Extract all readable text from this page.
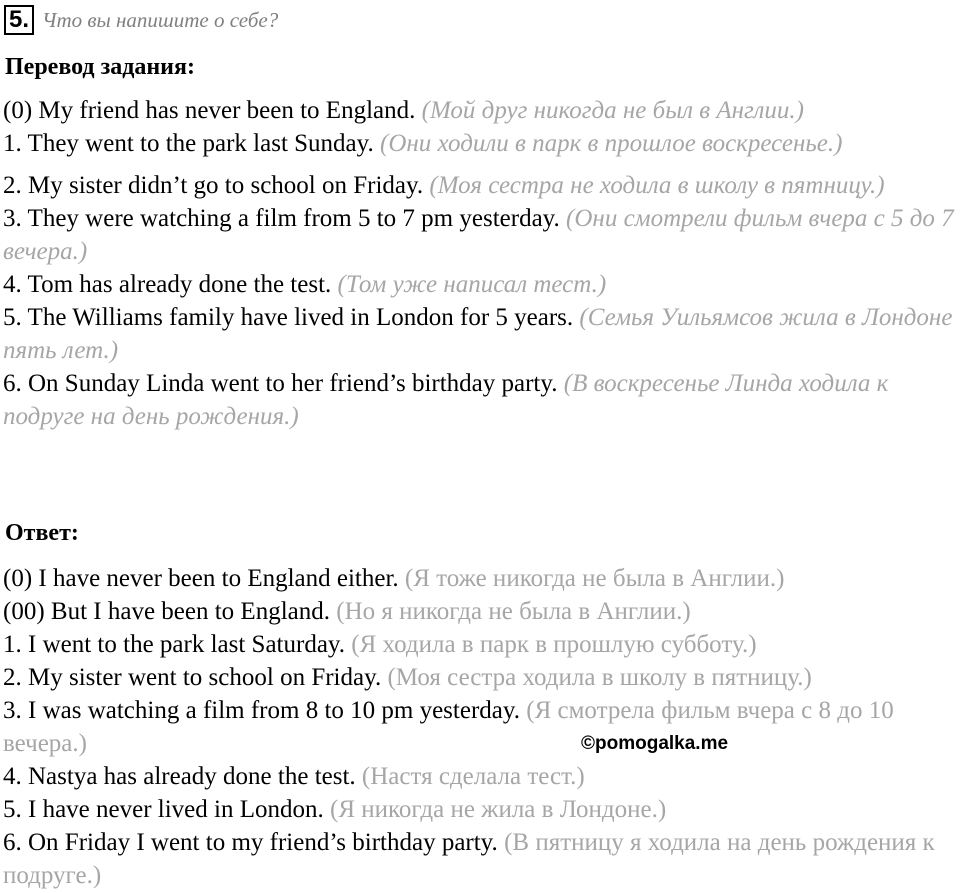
5. Что вы напишите о себе?
Перевод задания:
(0) My friend has never been to England. (Мой друг никогда не был в Англии.)
1. They went to the park last Sunday. (Они ходили в парк в прошлое воскресенье.)
2. My sister didn’t go to school on Friday. (Моя сестра не ходила в школу в пятницу.)
3. They were watching a film from 5 to 7 pm yesterday. (Они смотрели фильм вчера с 5 до 7 вечера.)
4. Tom has already done the test. (Том уже написал тест.)
5. The Williams family have lived in London for 5 years. (Семья Уильямсов жила в Лондоне пять лет.)
6. On Sunday Linda went to her friend’s birthday party. (В воскресенье Линда ходила к подруге на день рождения.)
Ответ:
(0) I have never been to England either. (Я тоже никогда не была в Англии.)
(00) But I have been to England. (Но я никогда не была в Англии.)
1. I went to the park last Saturday. (Я ходила в парк в прошлую субботу.)
2. My sister went to school on Friday. (Моя сестра ходила в школу в пятницу.)
3. I was watching a film from 8 to 10 pm yesterday. (Я смотрела фильм вчера с 8 до 10 вечера.)
4. Nastya has already done the test. (Настя сделала тест.)
5. I have never lived in London. (Я никогда не жила в Лондоне.)
6. On Friday I went to my friend’s birthday party. (В пятницу я ходила на день рождения к подруге.)
©pomogalka.me
